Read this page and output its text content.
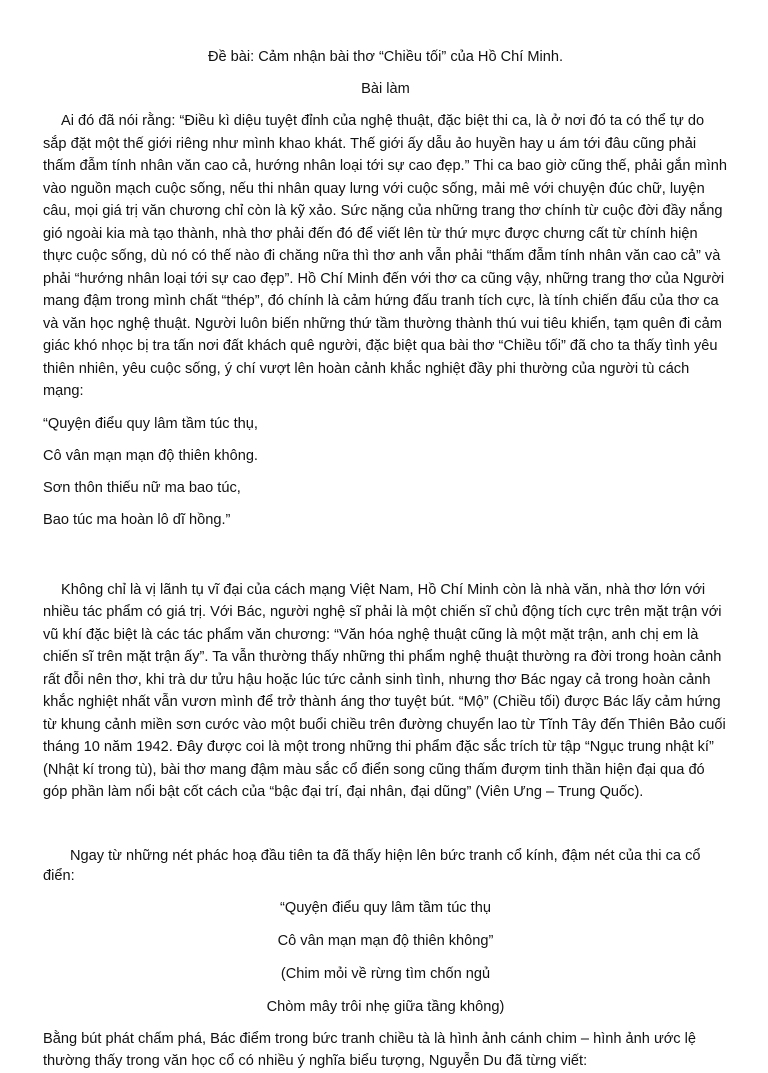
Đề bài: Cảm nhận bài thơ “Chiều tối” của Hồ Chí Minh.

Bài làm

Ai đó đã nói rằng: “Điều kì diệu tuyệt đỉnh của nghệ thuật, đặc biệt thi ca, là ở nơi đó ta có thể tự do sắp đặt một thế giới riêng như mình khao khát. Thế giới ấy dẫu ảo huyền hay u ám tới đâu cũng phải thấm đẫm tính nhân văn cao cả, hướng nhân loại tới sự cao đẹp.” Thi ca bao giờ cũng thế, phải gắn mình vào nguồn mạch cuộc sống, nếu thi nhân quay lưng với cuộc sống, mải mê với chuyện đúc chữ, luyện câu, mọi giá trị văn chương chỉ còn là kỹ xảo. Sức nặng của những trang thơ chính từ cuộc đời đầy nắng gió ngoài kia mà tạo thành, nhà thơ phải đến đó để viết lên từ thứ mực được chưng cất từ chính hiện thực cuộc sống, dù nó có thế nào đi chăng nữa thì thơ anh vẫn phải “thấm đẫm tính nhân văn cao cả” và phải “hướng nhân loại tới sự cao đẹp”. Hồ Chí Minh đến với thơ ca cũng vậy, những trang thơ của Người mang đậm trong mình chất “thép”, đó chính là cảm hứng đấu tranh tích cực, là tính chiến đấu của thơ ca và văn học nghệ thuật. Người luôn biến những thứ tầm thường thành thú vui tiêu khiển, tạm quên đi cảm giác khó nhọc bị tra tấn nơi đất khách quê người, đặc biệt qua bài thơ “Chiều tối” đã cho ta thấy tình yêu thiên nhiên, yêu cuộc sống, ý chí vượt lên hoàn cảnh khắc nghiệt đầy phi thường của người tù cách mạng:

“Quyện điểu quy lâm tầm túc thụ,

Cô vân mạn mạn độ thiên không.

Sơn thôn thiếu nữ ma bao túc,

Bao túc ma hoàn lô dĩ hồng.”

Không chỉ là vị lãnh tụ vĩ đại của cách mạng Việt Nam, Hồ Chí Minh còn là nhà văn, nhà thơ lớn với nhiều tác phẩm có giá trị. Với Bác, người nghệ sĩ phải là một chiến sĩ chủ động tích cực trên mặt trận với vũ khí đặc biệt là các tác phẩm văn chương: “Văn hóa nghệ thuật cũng là một mặt trận, anh chị em là chiến sĩ trên mặt trận ấy”. Ta vẫn thường thấy những thi phẩm nghệ thuật thường ra đời trong hoàn cảnh rất đỗi nên thơ, khi trà dư tửu hậu hoặc lúc tức cảnh sinh tình, nhưng thơ Bác ngay cả trong hoàn cảnh khắc nghiệt nhất vẫn vươn mình để trở thành áng thơ tuyệt bút. “Mộ” (Chiều tối) được Bác lấy cảm hứng từ khung cảnh miền sơn cước vào một buổi chiều trên đường chuyển lao từ Tĩnh Tây đến Thiên Bảo cuối tháng 10 năm 1942. Đây được coi là một trong những thi phẩm đặc sắc trích từ tập “Ngục trung nhật kí” (Nhật kí trong tù), bài thơ mang đậm màu sắc cổ điển song cũng thấm đượm tinh thần hiện đại qua đó góp phần làm nổi bật cốt cách của “bậc đại trí, đại nhân, đại dũng” (Viên Ưng – Trung Quốc).

Ngay từ những nét phác hoạ đầu tiên ta đã thấy hiện lên bức tranh cổ kính, đậm nét của thi ca cổ điển:

“Quyện điểu quy lâm tầm túc thụ

Cô vân mạn mạn độ thiên không”

(Chim mỏi về rừng tìm chốn ngủ

Chòm mây trôi nhẹ giữa tầng không)

Bằng bút phát chấm phá, Bác điểm trong bức tranh chiều tà là hình ảnh cánh chim – hình ảnh ước lệ thường thấy trong văn học cổ có nhiều ý nghĩa biểu tượng, Nguyễn Du đã từng viết:
